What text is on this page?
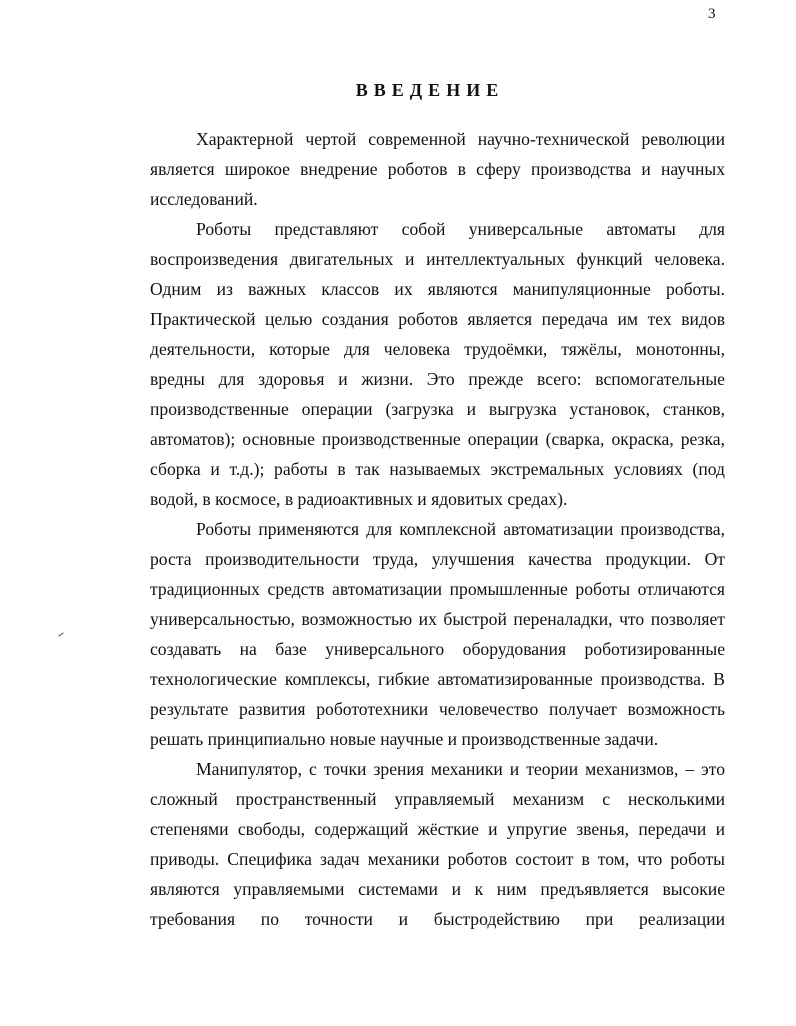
3
ВВЕДЕНИЕ
Характерной чертой современной научно-технической революции
является широкое внедрение роботов в сферу производства и научных
исследований.
Роботы представляют собой универсальные автоматы для
воспроизведения двигательных и интеллектуальных функций человека.
Одним из важных классов их являются манипуляционные роботы.
Практической целью создания роботов является передача им тех видов
деятельности, которые для человека трудоёмки, тяжёлы, монотонны,
вредны для здоровья и жизни. Это прежде всего: вспомогательные
производственные операции (загрузка и выгрузка установок, станков,
автоматов); основные производственные операции (сварка, окраска, резка,
сборка и т.д.); работы в так называемых экстремальных условиях (под
водой, в космосе, в радиоактивных и ядовитых средах).
Роботы применяются для комплексной автоматизации производства,
роста производительности труда, улучшения качества продукции. От
традиционных средств автоматизации промышленные роботы отличаются
универсальностью, возможностью их быстрой переналадки, что позволяет
создавать на базе универсального оборудования роботизированные
технологические комплексы, гибкие автоматизированные производства. В
результате развития робототехники человечество получает возможность
решать принципиально новые научные и производственные задачи.
Манипулятор, с точки зрения механики и теории механизмов, – это
сложный пространственный управляемый механизм с несколькими
степенями свободы, содержащий жёсткие и упругие звенья, передачи и
приводы. Специфика задач механики роботов состоит в том, что роботы
являются управляемыми системами и к ним предъявляется высокие
требования по точности и быстродействию при реализации
